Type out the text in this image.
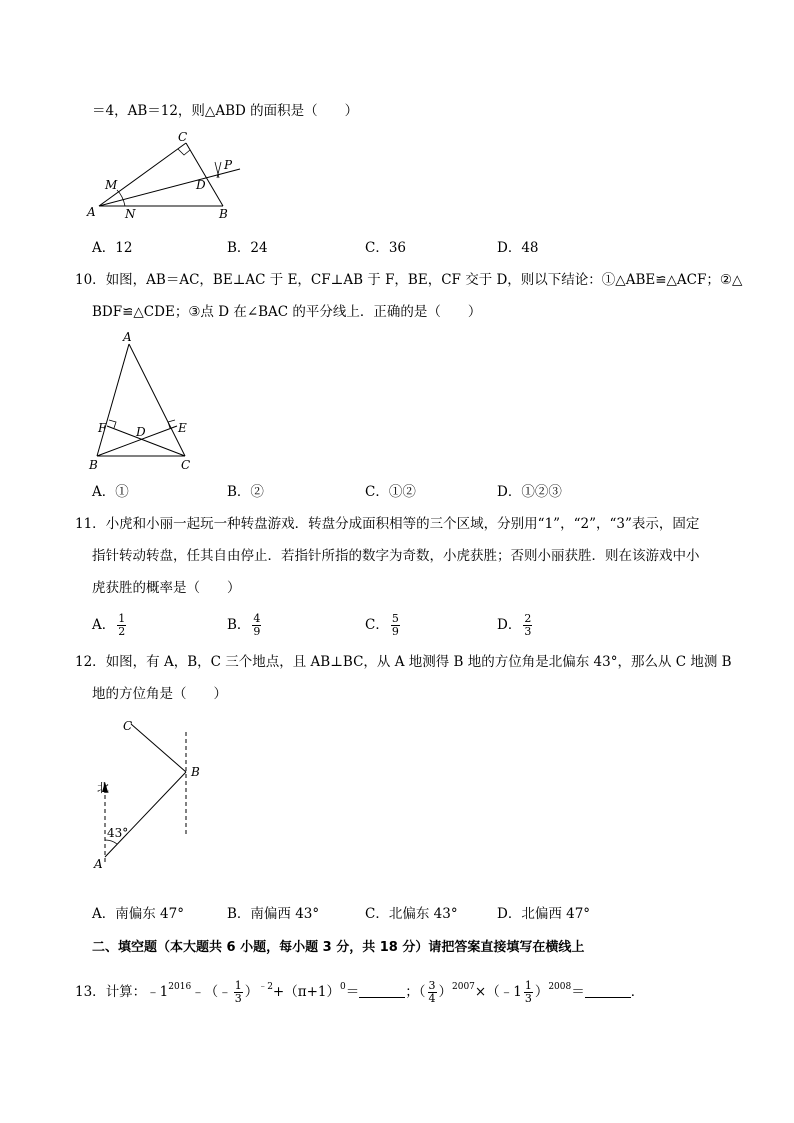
＝4，AB＝12，则△ABD 的面积是（　　）
A	B
C
D
M
N
P
A．12	B．24	C．36	D．48
10．如图，AB＝AC，BE⊥AC 于 E，CF⊥AB 于 F，BE，CF 交于 D，则以下结论：①△ABE≌△ACF；②△
BDF≌△CDE；③点 D 在∠BAC 的平分线上．正确的是（　　）
A
B	C
D	E
F
A．①	B．②	C．①②	D．①②③
11．小虎和小丽一起玩一种转盘游戏．转盘分成面积相等的三个区域，分别用“1”，“2”，“3”表示，固定
指针转动转盘，任其自由停止．若指针所指的数字为奇数，小虎获胜；否则小丽获胜．则在该游戏中小
虎获胜的概率是（　　）
A． $\frac{1}{2}$	B． $\frac{4}{9}$	C． $\frac{5}{9}$	D． $\frac{2}{3}$
12．如图，有 A，B，C 三个地点，且 AB⊥BC，从 A 地测得 B 地的方位角是北偏东 43°，那么从 C 地测 B
地的方位角是（　　）
北
43°
A
B
C
A．南偏东 47°	B．南偏西 43°	C．北偏东 43°	D．北偏西 47°
二、填空题（本大题共 6 小题，每小题 3 分，共 18 分）请把答案直接填写在横线上
13．计算：$﹣1^{2016}﹣(﹣ \frac{1}{3} )^{﹣2}+(\pi+1)^0=$	；（ $\frac{3}{4}$ ）$^{2007}$×（﹣1 $\frac{1}{3} )^{2008}=$	．
